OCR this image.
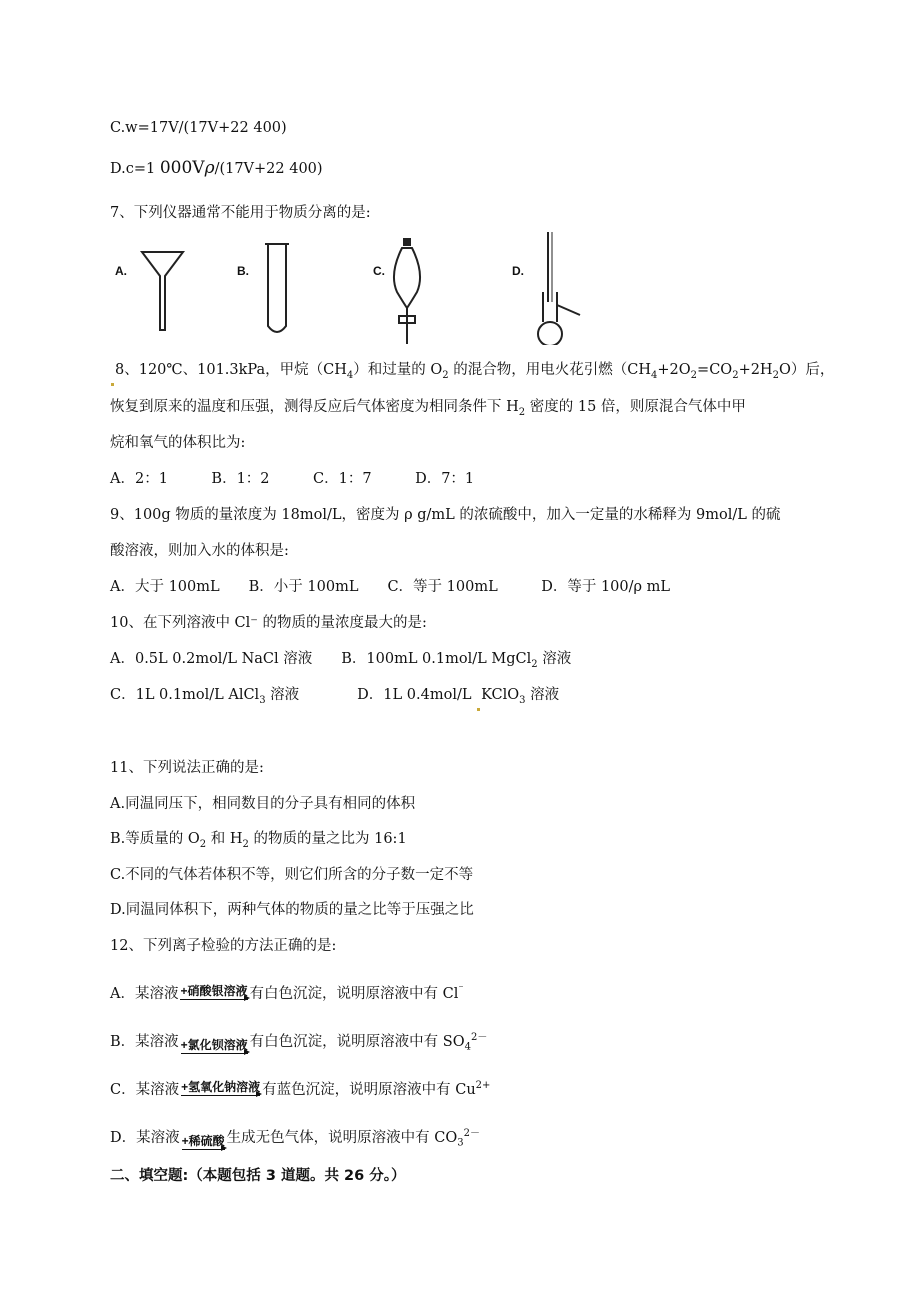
C.w=17V/(17V+22 400)
D.c=1 000Vρ/(17V+22 400)
7、下列仪器通常不能用于物质分离的是:
A.	B.	C.	D.
8、120℃、101.3kPa，甲烷$(CH_4)$和过量的 $O_2$ 的混合物，用电火花引燃$(CH_4+2O_2=CO_2+2H_2O)$后，
恢复到原来的温度和压强，测得反应后气体密度为相同条件下 $H_2$ 密度的 15 倍，则原混合气体中甲
烷和氧气的体积比为:
A．2：1　　　B．1：2　　　C．1：7　　　D．7：1
9、100g 物质的量浓度为 18mol/L，密度为 ρ g/mL 的浓硫酸中，加入一定量的水稀释为 9mol/L 的硫
酸溶液，则加入水的体积是:
A．大于 100mL　　B．小于 100mL　　C．等于 100mL　　　D．等于 100/ρ mL
10、在下列溶液中 Cl⁻ 的物质的量浓度最大的是:
A．0.5L 0.2mol/L NaCl 溶液　　B．100mL 0.1mol/L MgCl$_2$ 溶液
C．1L 0.1mol/L AlCl$_3$ 溶液　　　　D．1L 0.4mol/L KClO$_3$ 溶液
11、下列说法正确的是:
A.同温同压下，相同数目的分子具有相同的体积
B.等质量的 $O_2$ 和 $H_2$ 的物质的量之比为 16:1
C.不同的气体若体积不等，则它们所含的分子数一定不等
D.同温同体积下，两种气体的物质的量之比等于压强之比
12、下列离子检验的方法正确的是:
A．某溶液 +硝酸银溶液 有白色沉淀，说明原溶液中有 Cl⁻
B．某溶液 +氯化钡溶液 有白色沉淀，说明原溶液中有 $SO_4^{2-}$
C．某溶液 +氢氧化钠溶液 有蓝色沉淀，说明原溶液中有 $Cu^{2+}$
D．某溶液 +稀硫酸 生成无色气体，说明原溶液中有 $CO_3^{2-}$
二、填空题:（本题包括 3 道题。共 26 分。）
